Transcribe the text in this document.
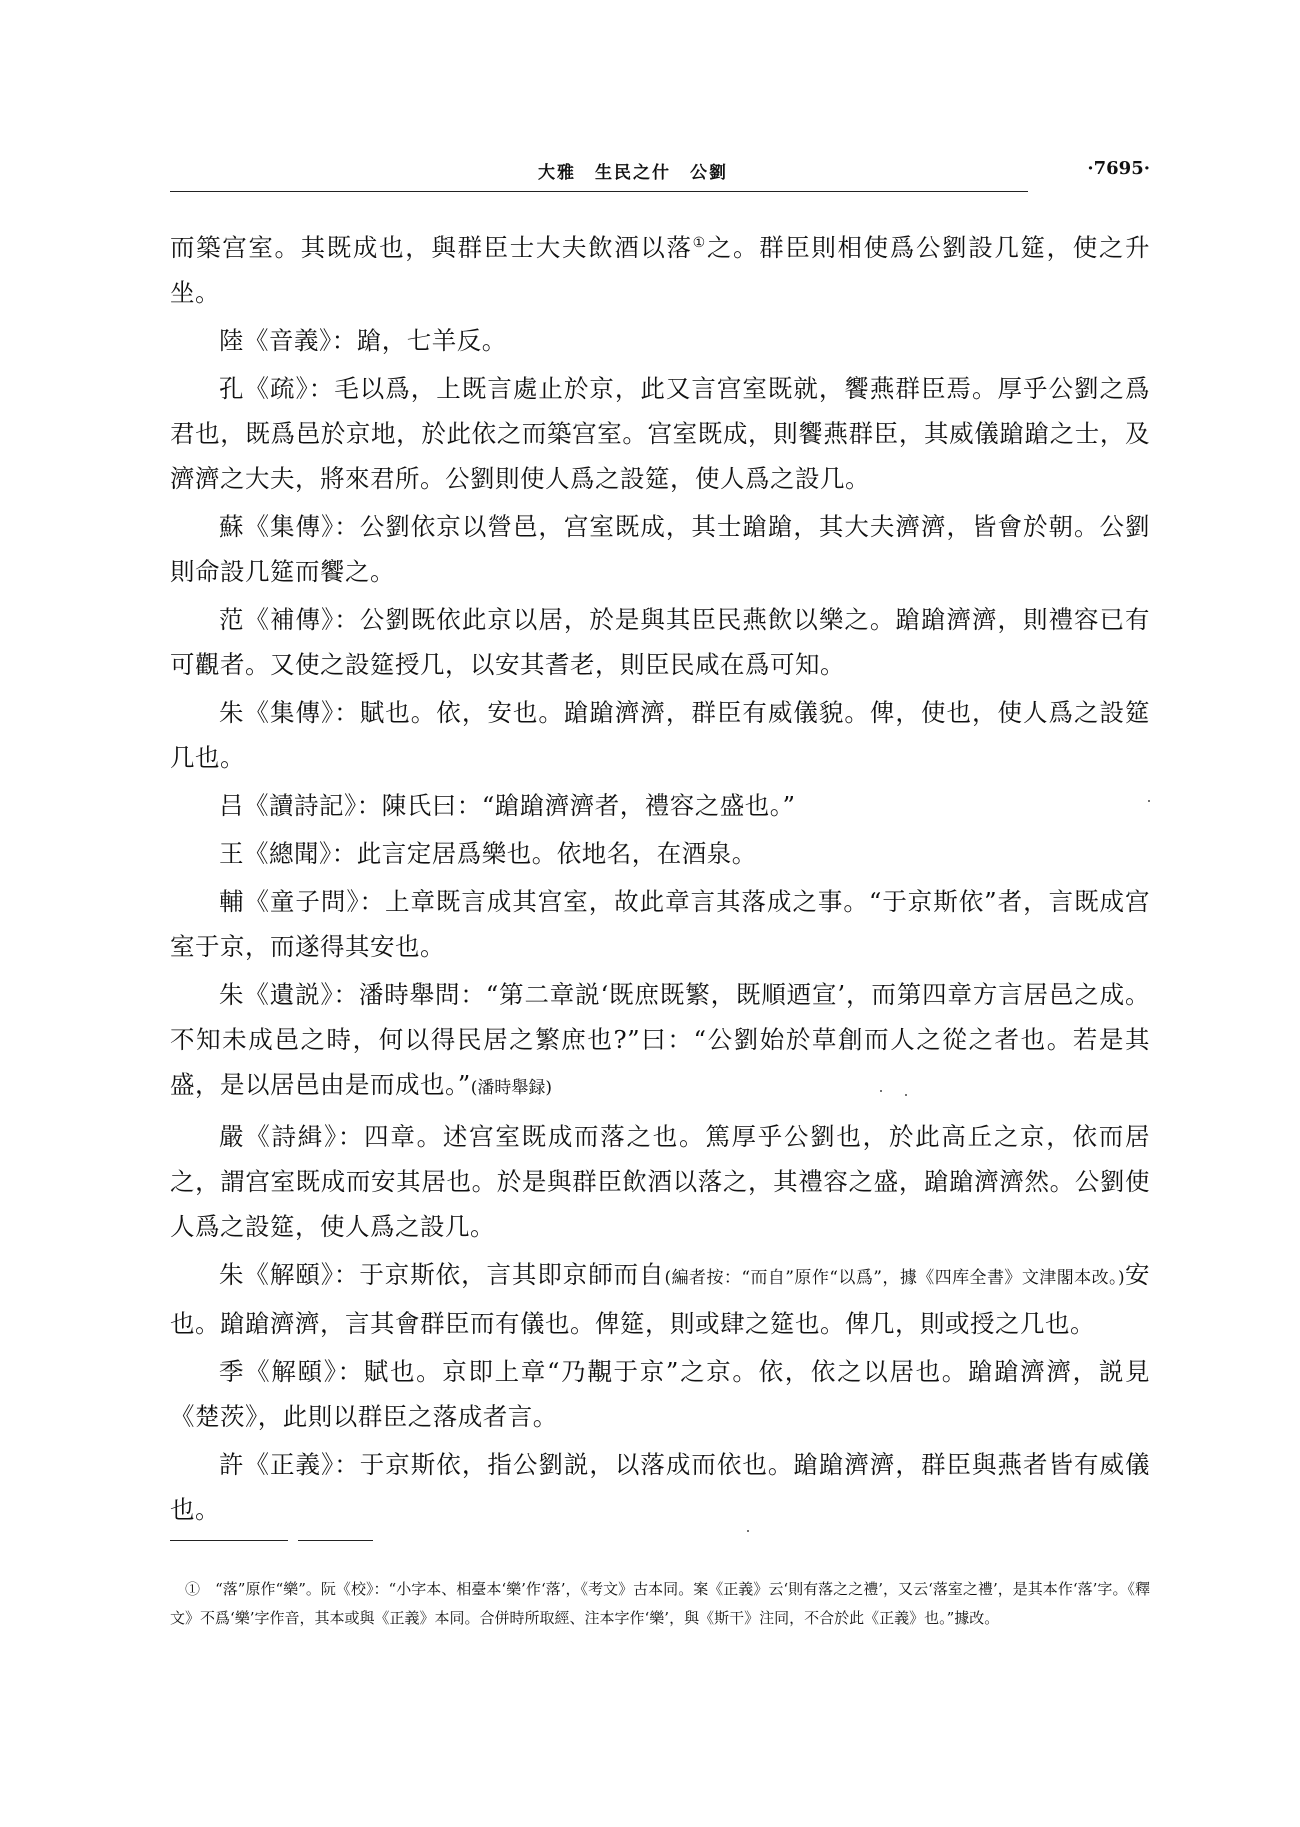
大雅　生民之什　公劉	·7695·

而築宫室。其既成也，與群臣士大夫飲酒以落①之。群臣則相使爲公劉設几筵，使之升坐。

陸《音義》：蹌，七羊反。

孔《疏》：毛以爲，上既言處止於京，此又言宫室既就，饗燕群臣焉。厚乎公劉之爲君也，既爲邑於京地，於此依之而築宫室。宫室既成，則饗燕群臣，其威儀蹌蹌之士，及濟濟之大夫，將來君所。公劉則使人爲之設筵，使人爲之設几。

蘇《集傳》：公劉依京以營邑，宫室既成，其士蹌蹌，其大夫濟濟，皆會於朝。公劉則命設几筵而饗之。

范《補傳》：公劉既依此京以居，於是與其臣民燕飲以樂之。蹌蹌濟濟，則禮容已有可觀者。又使之設筵授几，以安其耆老，則臣民咸在爲可知。

朱《集傳》：賦也。依，安也。蹌蹌濟濟，群臣有威儀貌。俾，使也，使人爲之設筵几也。

吕《讀詩記》：陳氏曰：“蹌蹌濟濟者，禮容之盛也。”

王《總聞》：此言定居爲樂也。依地名，在酒泉。

輔《童子問》：上章既言成其宫室，故此章言其落成之事。“于京斯依”者，言既成宫室于京，而遂得其安也。

朱《遺説》：潘時舉問：“第二章説‘既庶既繁，既順迺宣’，而第四章方言居邑之成。不知未成邑之時，何以得民居之繁庶也?”曰：“公劉始於草創而人之從之者也。若是其盛，是以居邑由是而成也。”(潘時舉録)

嚴《詩緝》：四章。述宫室既成而落之也。篤厚乎公劉也，於此高丘之京，依而居之，謂宫室既成而安其居也。於是與群臣飲酒以落之，其禮容之盛，蹌蹌濟濟然。公劉使人爲之設筵，使人爲之設几。

朱《解頤》：于京斯依，言其即京師而自(編者按：“而自”原作“以爲”，據《四库全書》文津閣本改。)安也。蹌蹌濟濟，言其會群臣而有儀也。俾筵，則或肆之筵也。俾几，則或授之几也。

季《解頤》：賦也。京即上章“乃覯于京”之京。依，依之以居也。蹌蹌濟濟，説見《楚茨》，此則以群臣之落成者言。

許《正義》：于京斯依，指公劉説，以落成而依也。蹌蹌濟濟，群臣與燕者皆有威儀也。

①　 “落”原作“樂”。阮《校》：“小字本、相臺本‘樂’作‘落’，《考文》古本同。案《正義》云‘則有落之之禮’，又云‘落室之禮’，是其本作‘落’字。《釋文》不爲‘樂’字作音，其本或與《正義》本同。合併時所取經、注本字作‘樂’，與《斯干》注同，不合於此《正義》也。”據改。
